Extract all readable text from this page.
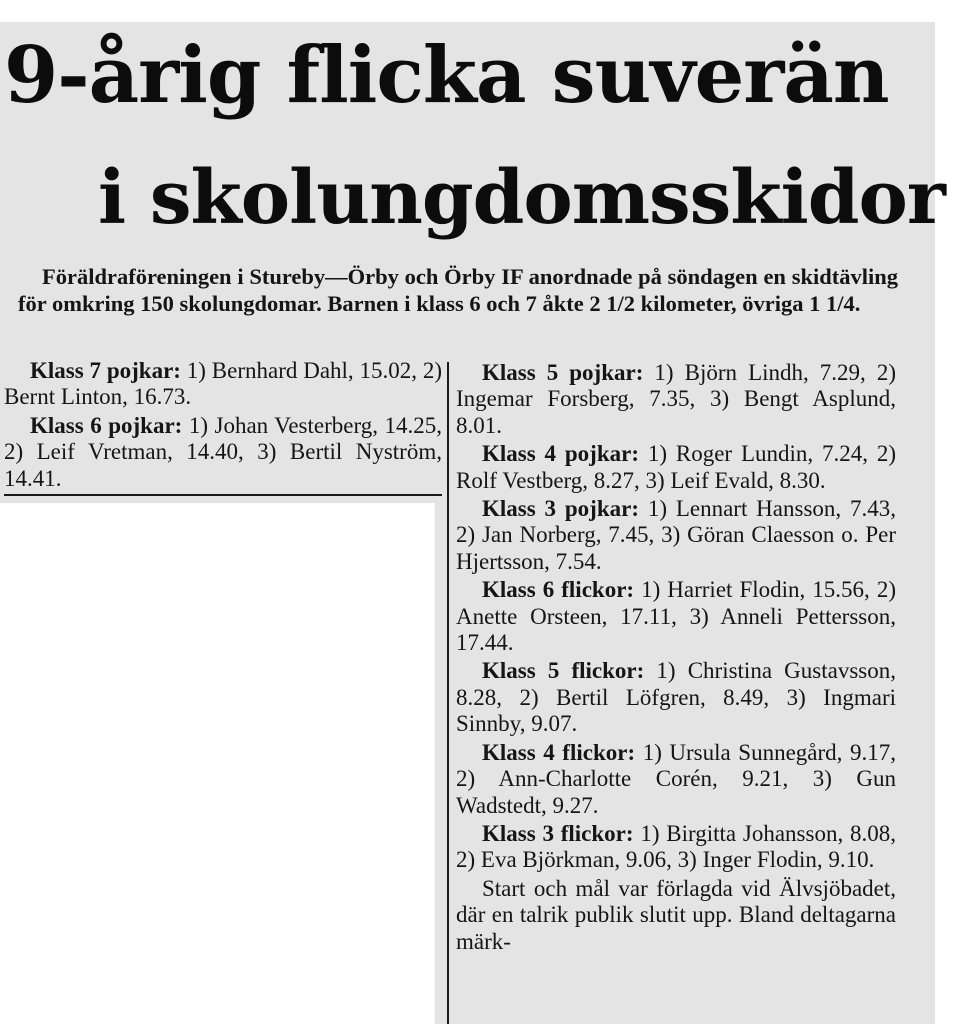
9-årig flicka suverän
i skolungdomsskidor

Föräldraföreningen i Stureby—Örby och Örby IF anordnade på söndagen en skidtävling för omkring 150 skolungdomar. Barnen i klass 6 och 7 åkte 2 1/2 kilometer, övriga 1 1/4.

Klass 7 pojkar: 1) Bernhard Dahl, 15.02, 2) Bernt Linton, 16.73.

Klass 6 pojkar: 1) Johan Vesterberg, 14.25, 2) Leif Vretman, 14.40, 3) Bertil Nyström, 14.41.

Klass 5 pojkar: 1) Björn Lindh, 7.29, 2) Ingemar Forsberg, 7.35, 3) Bengt Asplund, 8.01.

Klass 4 pojkar: 1) Roger Lundin, 7.24, 2) Rolf Vestberg, 8.27, 3) Leif Evald, 8.30.

Klass 3 pojkar: 1) Lennart Hansson, 7.43, 2) Jan Norberg, 7.45, 3) Göran Claesson o. Per Hjertsson, 7.54.

Klass 6 flickor: 1) Harriet Flodin, 15.56, 2) Anette Orsteen, 17.11, 3) Anneli Pettersson, 17.44.

Klass 5 flickor: 1) Christina Gustavsson, 8.28, 2) Bertil Löfgren, 8.49, 3) Ingmari Sinnby, 9.07.

Klass 4 flickor: 1) Ursula Sunnegård, 9.17, 2) Ann-Charlotte Corén, 9.21, 3) Gun Wadstedt, 9.27.

Klass 3 flickor: 1) Birgitta Johansson, 8.08, 2) Eva Björkman, 9.06, 3) Inger Flodin, 9.10.

Start och mål var förlagda vid Älvsjöbadet, där en talrik publik slutit upp. Bland deltagarna märk-
